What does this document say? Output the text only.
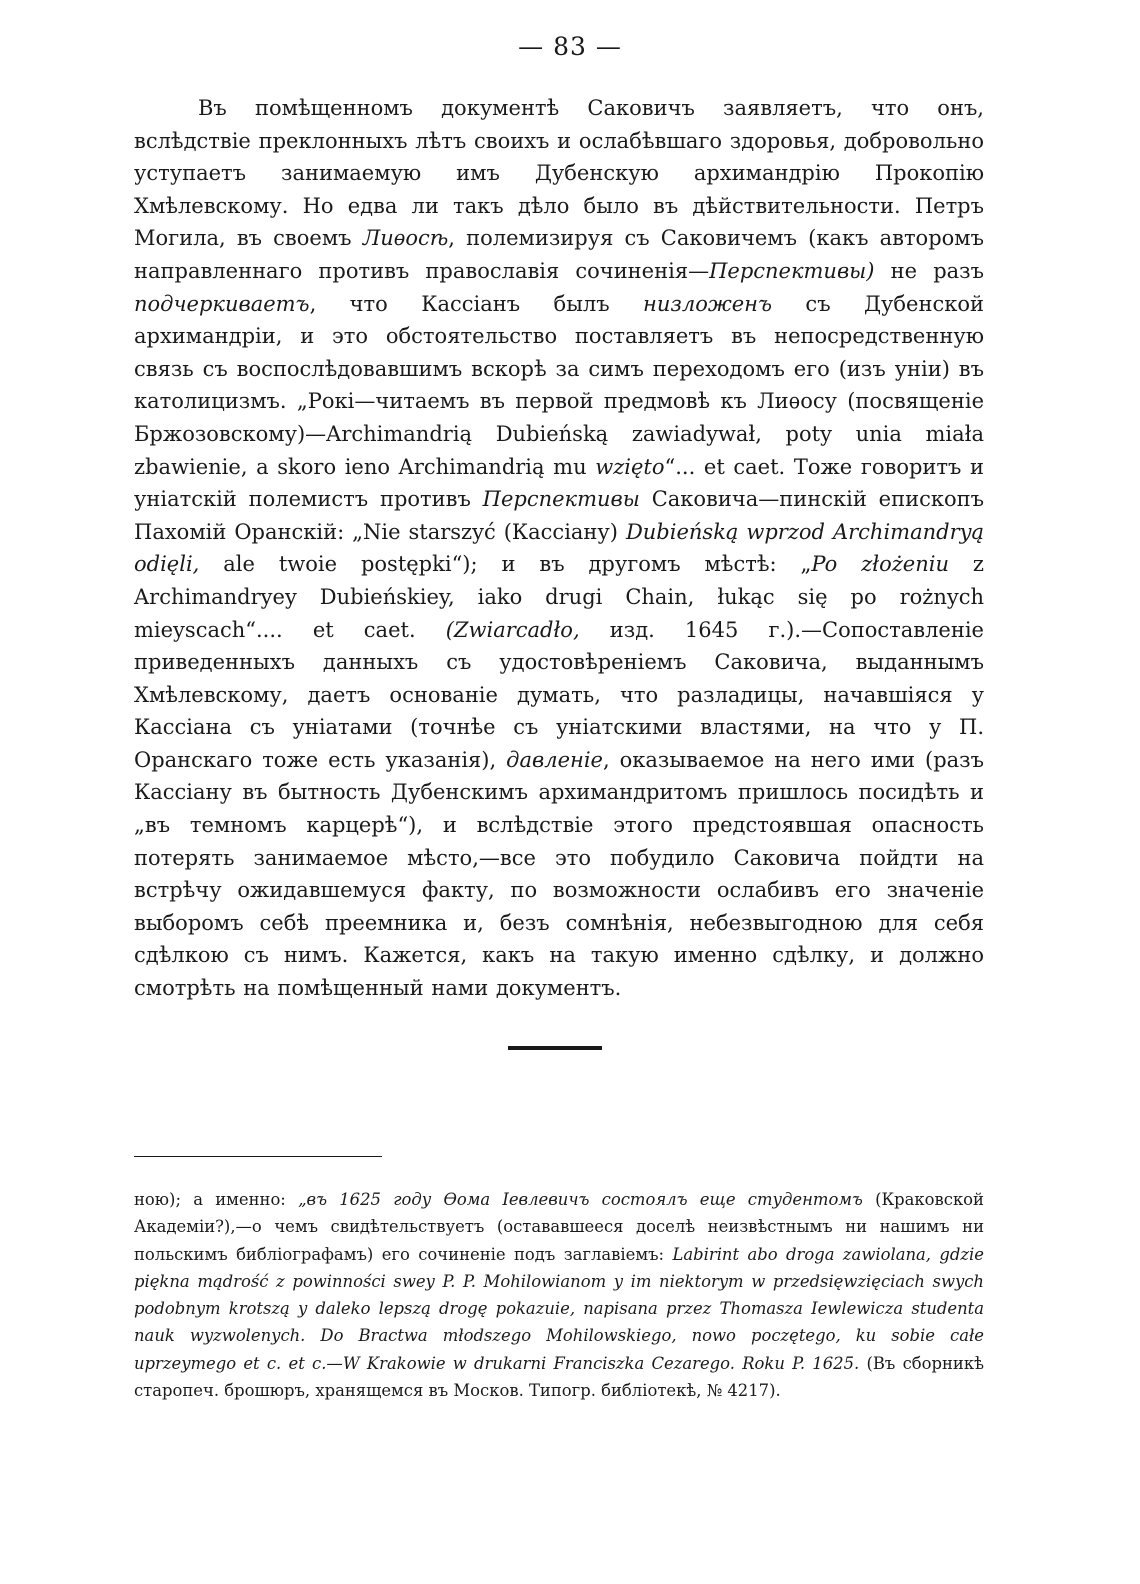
— 83 —

Въ помѣщенномъ документѣ Саковичъ заявляетъ, что онъ, вслѣдствіе преклонныхъ лѣтъ своихъ и ослабѣвшаго здоровья, добровольно уступаетъ занимаемую имъ Дубенскую архимандрію Прокопію Хмѣлевскому. Но едва ли такъ дѣло было въ дѣйствительности. Петръ Могила, въ своемъ Лиѳосѣ, полемизируя съ Саковичемъ (какъ авторомъ направленнаго противъ православія сочиненія—Перспективы) не разъ подчеркиваетъ, что Кассіанъ былъ низложенъ съ Дубенской архимандріи, и это обстоятельство поставляетъ въ непосредственную связь съ воспослѣдовавшимъ вскорѣ за симъ переходомъ его (изъ уніи) въ католицизмъ. „Рокі—читаемъ въ первой предмовѣ къ Лиѳосу (посвященіе Бржозовскому)—Archimandrią Dubieńską zawiadywał, poty unia miała zbawienie, a skoro ieno Archimandrią mu wzięto“... et caet. Тоже говоритъ и уніатскій полемистъ противъ Перспективы Саковича—пинскій епископъ Пахомій Оранскій: „Nie starszyć (Кассіану) Dubieńską wprzod Archimandryą odięli, ale twoie postępki“); и въ другомъ мѣстѣ: „Po złożeniu z Archimandryey Dubieńskiey, iako drugi Chain, łukąc się po rożnych mieyscach“.... et caet. (Zwiarcadło, изд. 1645 г.).—Сопоставленіе приведенныхъ данныхъ съ удостовѣреніемъ Саковича, выданнымъ Хмѣлевскому, даетъ основаніе думать, что разладицы, начавшіяся у Кассіана съ уніатами (точнѣе съ уніатскими властями, на что у П. Оранскаго тоже есть указанія), давленіе, оказываемое на него ими (разъ Кассіану въ бытность Дубенскимъ архимандритомъ пришлось посидѣть и „въ темномъ карцерѣ“), и вслѣдствіе этого предстоявшая опасность потерять занимаемое мѣсто,—все это побудило Саковича пойдти на встрѣчу ожидавшемуся факту, по возможности ослабивъ его значеніе выборомъ себѣ преемника и, безъ сомнѣнія, небезвыгодною для себя сдѣлкою съ нимъ. Кажется, какъ на такую именно сдѣлку, и должно смотрѣть на помѣщенный нами документъ.

ною); а именно: „въ 1625 году Ѳома Іевлевичъ состоялъ еще студентомъ (Краковской Академіи?),—о чемъ свидѣтельствуетъ (остававшееся доселѣ неизвѣстнымъ ни нашимъ ни польскимъ библіографамъ) его сочиненіе подъ заглавіемъ: Labirint abo droga zawiolana, gdzie piękna mądrość z powinności swey P. P. Mohilowianom y im niektorym w przedsięwzięciach swych podobnym krotszą y daleko lepszą drogę pokazuie, napisana przez Thomasza Iewlewicza studenta nauk wyzwolenych. Do Bractwa młodszego Mohilowskiego, nowo poczętego, ku sobie całe uprzeymego et c. et c.—W Krakowie w drukarni Franciszka Cezarego. Roku P. 1625. (Въ сборникѣ старопеч. брошюръ, хранящемся въ Москов. Типогр. библіотекѣ, № 4217).
